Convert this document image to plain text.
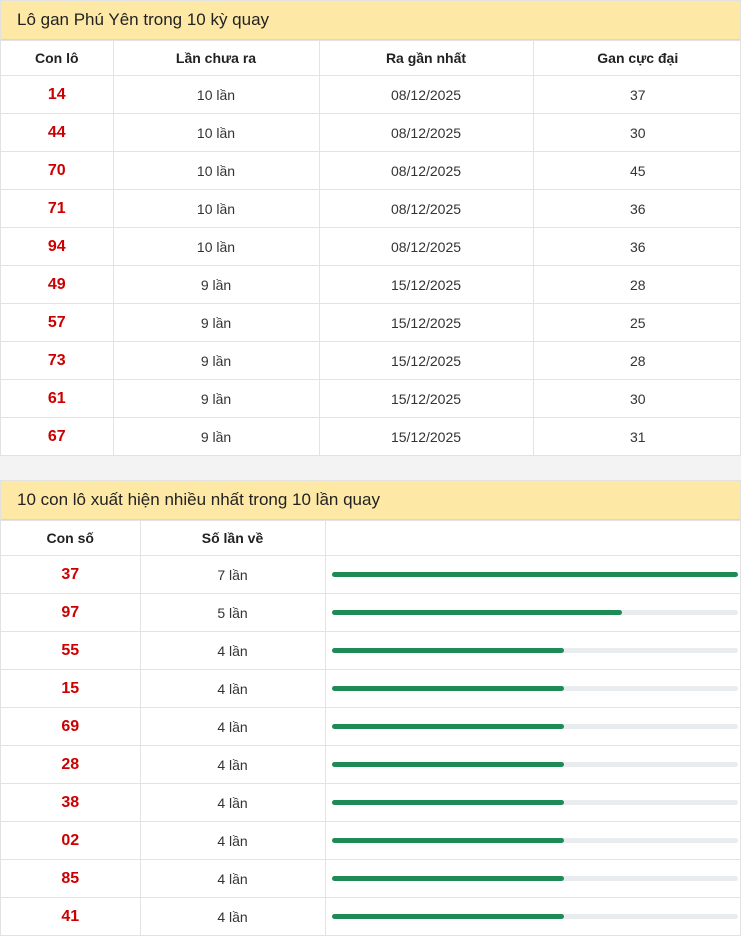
Lô gan Phú Yên trong 10 kỳ quay
Con lô	Lần chưa ra	Ra gần nhất	Gan cực đại
14	10 lần	08/12/2025	37
44	10 lần	08/12/2025	30
70	10 lần	08/12/2025	45
71	10 lần	08/12/2025	36
94	10 lần	08/12/2025	36
49	9 lần	15/12/2025	28
57	9 lần	15/12/2025	25
73	9 lần	15/12/2025	28
61	9 lần	15/12/2025	30
67	9 lần	15/12/2025	31
10 con lô xuất hiện nhiều nhất trong 10 lần quay
Con số	Số lần về	
37	7 lần	

97	5 lần	

55	4 lần	

15	4 lần	

69	4 lần	

28	4 lần	

38	4 lần	

02	4 lần	

85	4 lần	

41	4 lần	
